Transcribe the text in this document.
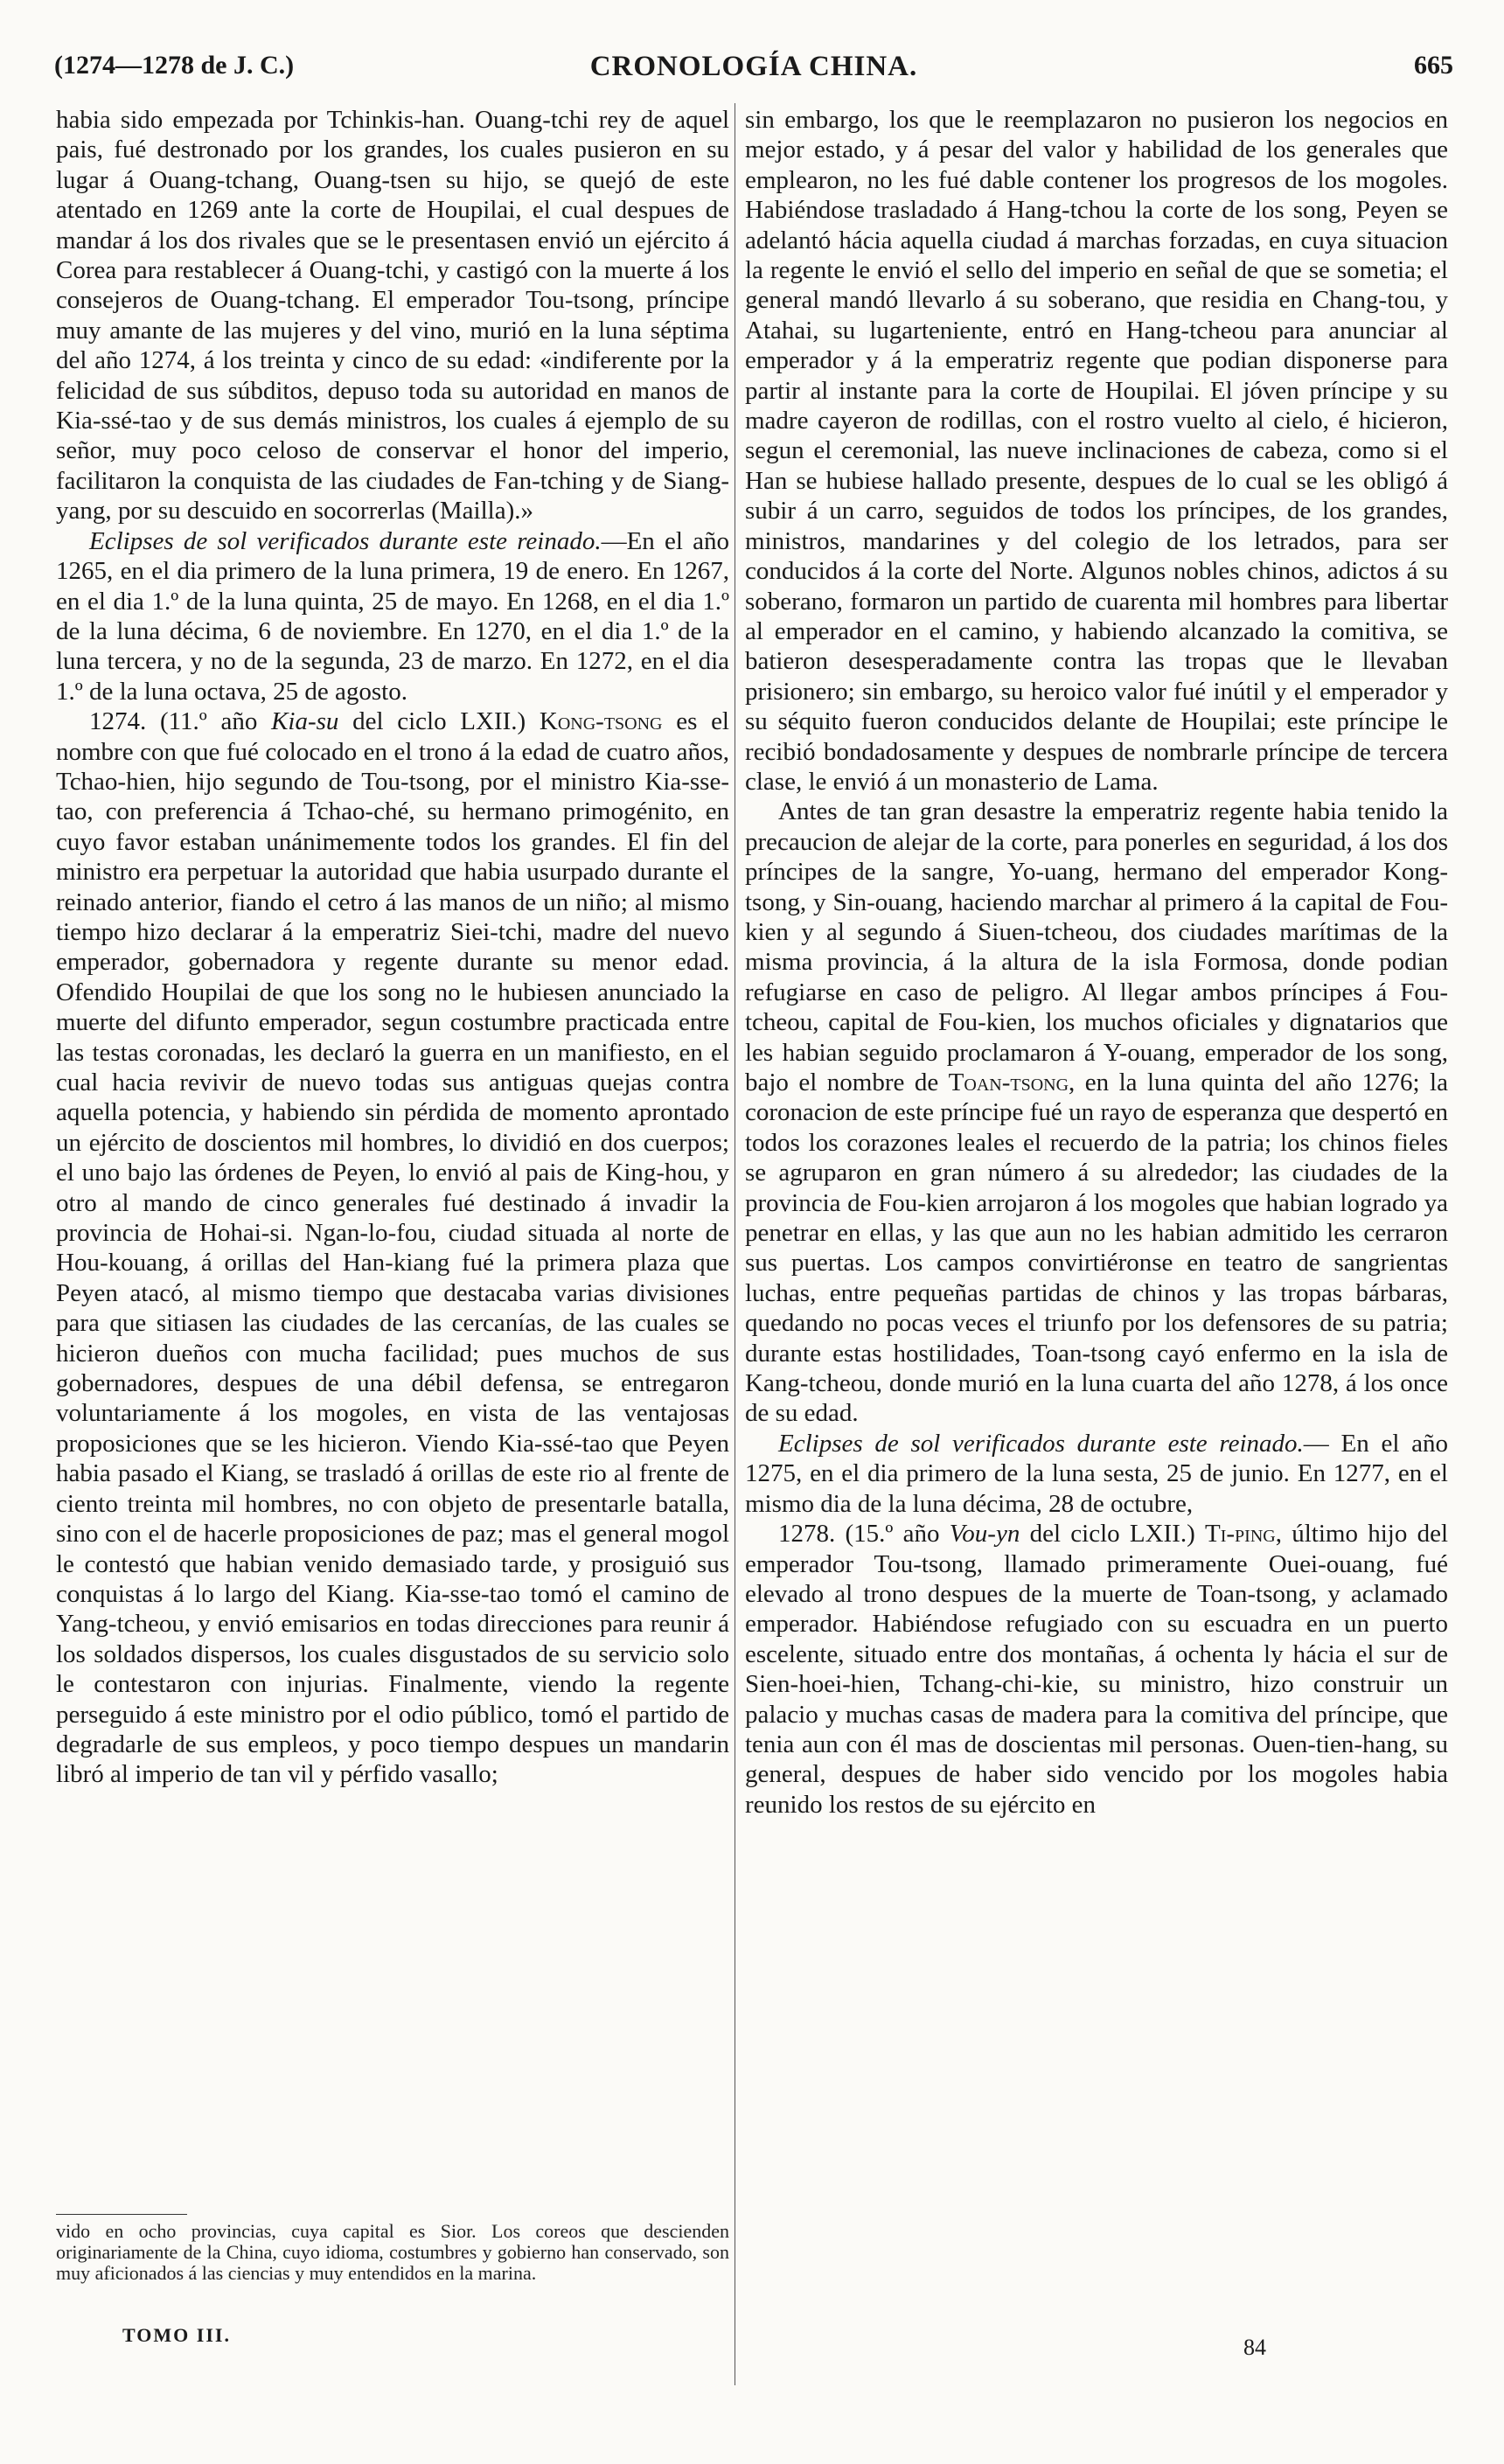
(1274—1278 de J. C.)	CRONOLOGÍA CHINA.	665

habia sido empezada por Tchinkis-han. Ouang-tchi rey de aquel pais, fué destronado por los grandes, los cuales pusieron en su lugar á Ouang-tchang, Ouang-tsen su hijo, se quejó de este atentado en 1269 ante la corte de Houpilai, el cual despues de mandar á los dos rivales que se le presentasen envió un ejército á Corea para restablecer á Ouang-tchi, y castigó con la muerte á los consejeros de Ouang-tchang. El emperador Tou-tsong, príncipe muy amante de las mujeres y del vino, murió en la luna séptima del año 1274, á los treinta y cinco de su edad: «indiferente por la felicidad de sus súbditos, depuso toda su autoridad en manos de Kia-ssé-tao y de sus demás ministros, los cuales á ejemplo de su señor, muy poco celoso de conservar el honor del imperio, facilitaron la conquista de las ciudades de Fan-tching y de Siang-yang, por su descuido en socorrerlas (Mailla).»

Eclipses de sol verificados durante este reinado.—En el año 1265, en el dia primero de la luna primera, 19 de enero. En 1267, en el dia 1.º de la luna quinta, 25 de mayo. En 1268, en el dia 1.º de la luna décima, 6 de noviembre. En 1270, en el dia 1.º de la luna tercera, y no de la segunda, 23 de marzo. En 1272, en el dia 1.º de la luna octava, 25 de agosto.

1274. (11.º año Kia-su del ciclo LXII.) Kong-tsong es el nombre con que fué colocado en el trono á la edad de cuatro años, Tchao-hien, hijo segundo de Tou-tsong, por el ministro Kia-sse-tao, con preferencia á Tchao-ché, su hermano primogénito, en cuyo favor estaban unánimemente todos los grandes. El fin del ministro era perpetuar la autoridad que habia usurpado durante el reinado anterior, fiando el cetro á las manos de un niño; al mismo tiempo hizo declarar á la emperatriz Siei-tchi, madre del nuevo emperador, gobernadora y regente durante su menor edad. Ofendido Houpilai de que los song no le hubiesen anunciado la muerte del difunto emperador, segun costumbre practicada entre las testas coronadas, les declaró la guerra en un manifiesto, en el cual hacia revivir de nuevo todas sus antiguas quejas contra aquella potencia, y habiendo sin pérdida de momento aprontado un ejército de doscientos mil hombres, lo dividió en dos cuerpos; el uno bajo las órdenes de Peyen, lo envió al pais de King-hou, y otro al mando de cinco generales fué destinado á invadir la provincia de Hohai-si. Ngan-lo-fou, ciudad situada al norte de Hou-kouang, á orillas del Han-kiang fué la primera plaza que Peyen atacó, al mismo tiempo que destacaba varias divisiones para que sitiasen las ciudades de las cercanías, de las cuales se hicieron dueños con mucha facilidad; pues muchos de sus gobernadores, despues de una débil defensa, se entregaron voluntariamente á los mogoles, en vista de las ventajosas proposiciones que se les hicieron. Viendo Kia-ssé-tao que Peyen habia pasado el Kiang, se trasladó á orillas de este rio al frente de ciento treinta mil hombres, no con objeto de presentarle batalla, sino con el de hacerle proposiciones de paz; mas el general mogol le contestó que habian venido demasiado tarde, y prosiguió sus conquistas á lo largo del Kiang. Kia-sse-tao tomó el camino de Yang-tcheou, y envió emisarios en todas direcciones para reunir á los soldados dispersos, los cuales disgustados de su servicio solo le contestaron con injurias. Finalmente, viendo la regente perseguido á este ministro por el odio público, tomó el partido de degradarle de sus empleos, y poco tiempo despues un mandarin libró al imperio de tan vil y pérfido vasallo;

sin embargo, los que le reemplazaron no pusieron los negocios en mejor estado, y á pesar del valor y habilidad de los generales que emplearon, no les fué dable contener los progresos de los mogoles. Habiéndose trasladado á Hang-tchou la corte de los song, Peyen se adelantó hácia aquella ciudad á marchas forzadas, en cuya situacion la regente le envió el sello del imperio en señal de que se sometia; el general mandó llevarlo á su soberano, que residia en Chang-tou, y Atahai, su lugarteniente, entró en Hang-tcheou para anunciar al emperador y á la emperatriz regente que podian disponerse para partir al instante para la corte de Houpilai. El jóven príncipe y su madre cayeron de rodillas, con el rostro vuelto al cielo, é hicieron, segun el ceremonial, las nueve inclinaciones de cabeza, como si el Han se hubiese hallado presente, despues de lo cual se les obligó á subir á un carro, seguidos de todos los príncipes, de los grandes, ministros, mandarines y del colegio de los letrados, para ser conducidos á la corte del Norte. Algunos nobles chinos, adictos á su soberano, formaron un partido de cuarenta mil hombres para libertar al emperador en el camino, y habiendo alcanzado la comitiva, se batieron desesperadamente contra las tropas que le llevaban prisionero; sin embargo, su heroico valor fué inútil y el emperador y su séquito fueron conducidos delante de Houpilai; este príncipe le recibió bondadosamente y despues de nombrarle príncipe de tercera clase, le envió á un monasterio de Lama.

Antes de tan gran desastre la emperatriz regente habia tenido la precaucion de alejar de la corte, para ponerles en seguridad, á los dos príncipes de la sangre, Yo-uang, hermano del emperador Kong-tsong, y Sin-ouang, haciendo marchar al primero á la capital de Fou-kien y al segundo á Siuen-tcheou, dos ciudades marítimas de la misma provincia, á la altura de la isla Formosa, donde podian refugiarse en caso de peligro. Al llegar ambos príncipes á Fou-tcheou, capital de Fou-kien, los muchos oficiales y dignatarios que les habian seguido proclamaron á Y-ouang, emperador de los song, bajo el nombre de Toan-tsong, en la luna quinta del año 1276; la coronacion de este príncipe fué un rayo de esperanza que despertó en todos los corazones leales el recuerdo de la patria; los chinos fieles se agruparon en gran número á su alrededor; las ciudades de la provincia de Fou-kien arrojaron á los mogoles que habian logrado ya penetrar en ellas, y las que aun no les habian admitido les cerraron sus puertas. Los campos convirtiéronse en teatro de sangrientas luchas, entre pequeñas partidas de chinos y las tropas bárbaras, quedando no pocas veces el triunfo por los defensores de su patria; durante estas hostilidades, Toan-tsong cayó enfermo en la isla de Kang-tcheou, donde murió en la luna cuarta del año 1278, á los once de su edad.

Eclipses de sol verificados durante este reinado.— En el año 1275, en el dia primero de la luna sesta, 25 de junio. En 1277, en el mismo dia de la luna décima, 28 de octubre,

1278. (15.º año Vou-yn del ciclo LXII.) Ti-ping, último hijo del emperador Tou-tsong, llamado primeramente Ouei-ouang, fué elevado al trono despues de la muerte de Toan-tsong, y aclamado emperador. Habiéndose refugiado con su escuadra en un puerto escelente, situado entre dos montañas, á ochenta ly hácia el sur de Sien-hoei-hien, Tchang-chi-kie, su ministro, hizo construir un palacio y muchas casas de madera para la comitiva del príncipe, que tenia aun con él mas de doscientas mil personas. Ouen-tien-hang, su general, despues de haber sido vencido por los mogoles habia reunido los restos de su ejército en

vido en ocho provincias, cuya capital es Sior. Los coreos que descienden originariamente de la China, cuyo idioma, costumbres y gobierno han conservado, son muy aficionados á las ciencias y muy entendidos en la marina.
TOMO III.	84
